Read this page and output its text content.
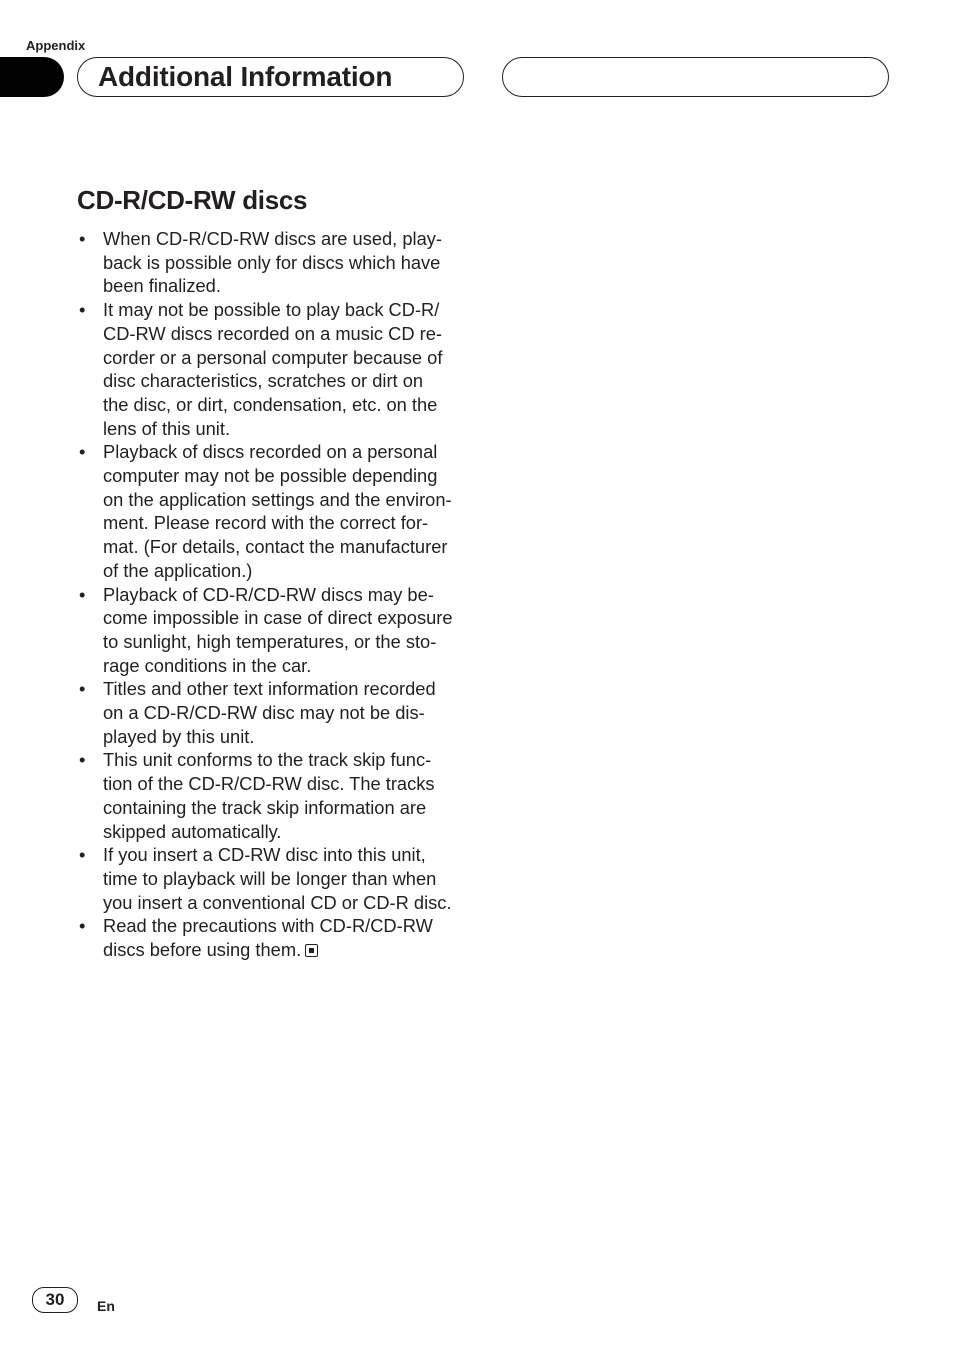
Appendix
Additional Information
CD-R/CD-RW discs
• When CD-R/CD-RW discs are used, play-
back is possible only for discs which have
been finalized.
• It may not be possible to play back CD-R/
CD-RW discs recorded on a music CD re-
corder or a personal computer because of
disc characteristics, scratches or dirt on
the disc, or dirt, condensation, etc. on the
lens of this unit.
• Playback of discs recorded on a personal
computer may not be possible depending
on the application settings and the environ-
ment. Please record with the correct for-
mat. (For details, contact the manufacturer
of the application.)
• Playback of CD-R/CD-RW discs may be-
come impossible in case of direct exposure
to sunlight, high temperatures, or the sto-
rage conditions in the car.
• Titles and other text information recorded
on a CD-R/CD-RW disc may not be dis-
played by this unit.
• This unit conforms to the track skip func-
tion of the CD-R/CD-RW disc. The tracks
containing the track skip information are
skipped automatically.
• If you insert a CD-RW disc into this unit,
time to playback will be longer than when
you insert a conventional CD or CD-R disc.
• Read the precautions with CD-R/CD-RW
discs before using them.
30	En
